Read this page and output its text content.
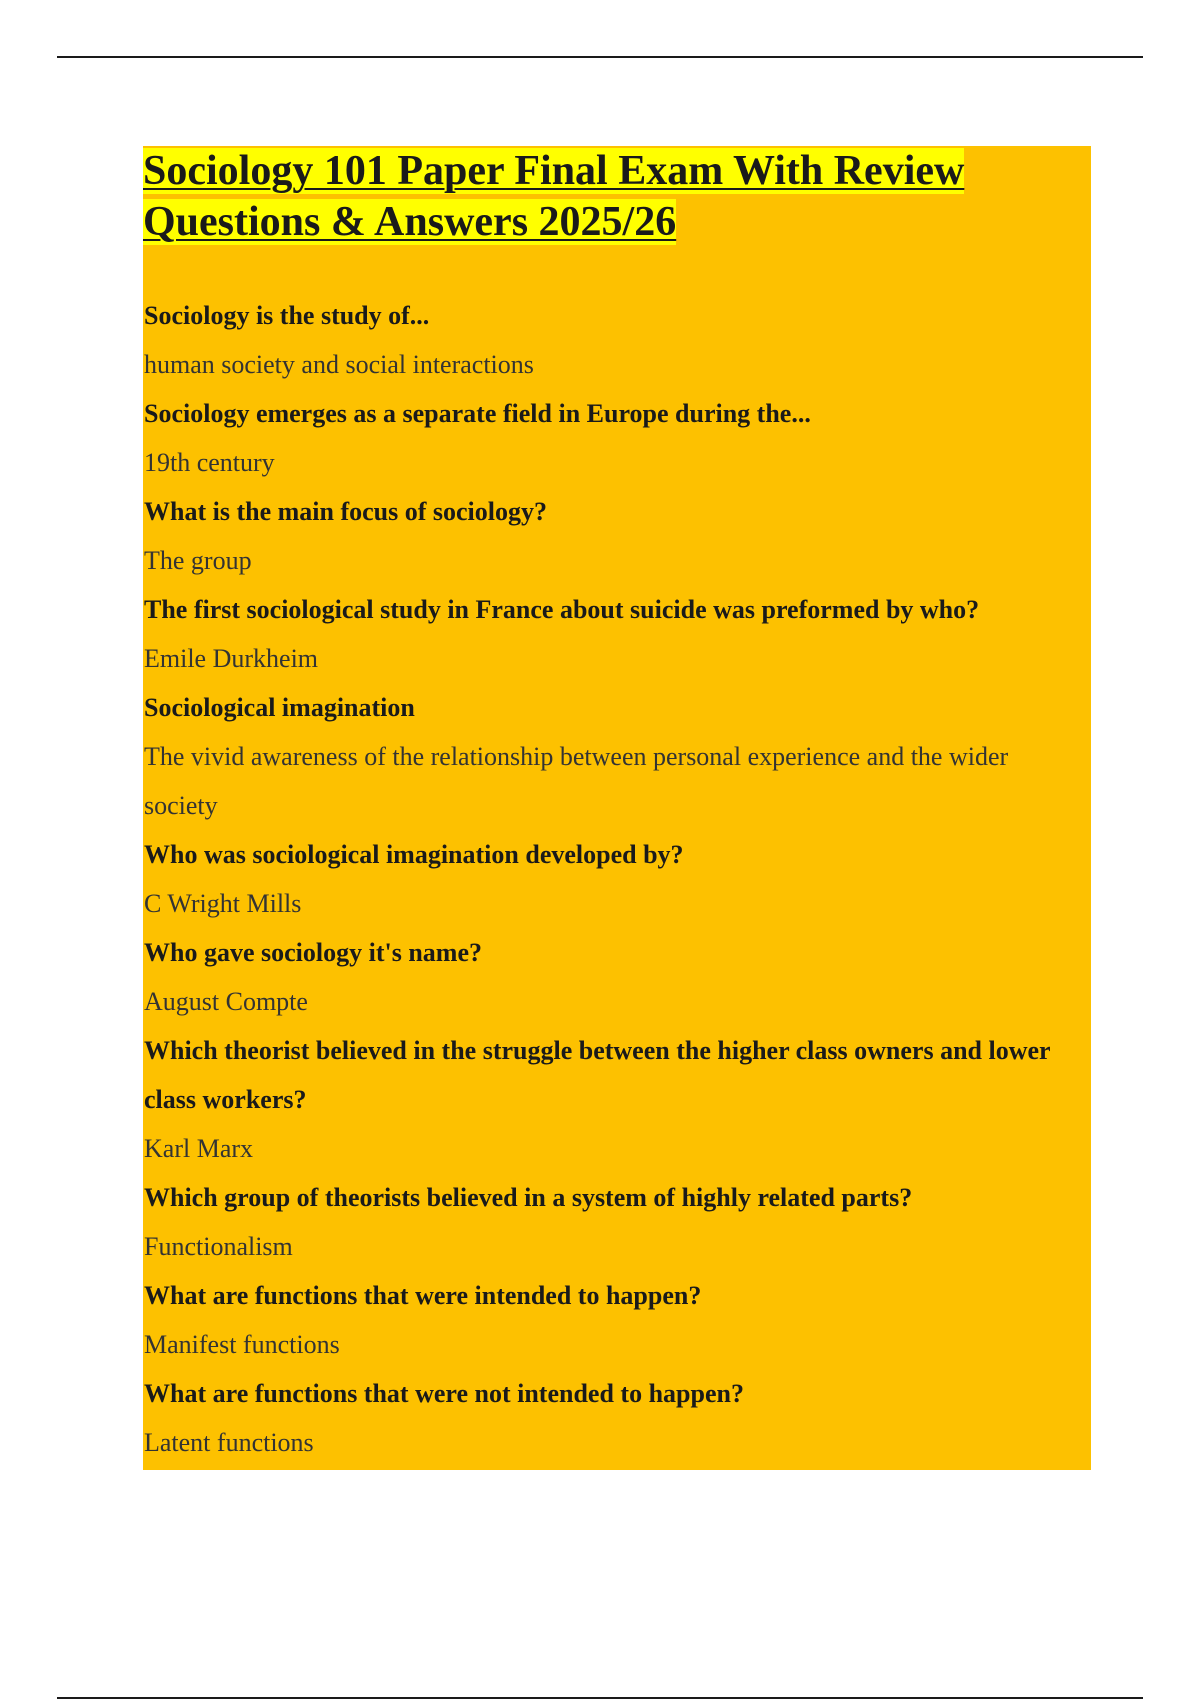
Sociology 101 Paper Final Exam With Review Questions & Answers 2025/26
Sociology is the study of...
human society and social interactions
Sociology emerges as a separate field in Europe during the...
19th century
What is the main focus of sociology?
The group
The first sociological study in France about suicide was preformed by who?
Emile Durkheim
Sociological imagination
The vivid awareness of the relationship between personal experience and the wider society
Who was sociological imagination developed by?
C Wright Mills
Who gave sociology it's name?
August Compte
Which theorist believed in the struggle between the higher class owners and lower class workers?
Karl Marx
Which group of theorists believed in a system of highly related parts?
Functionalism
What are functions that were intended to happen?
Manifest functions
What are functions that were not intended to happen?
Latent functions
